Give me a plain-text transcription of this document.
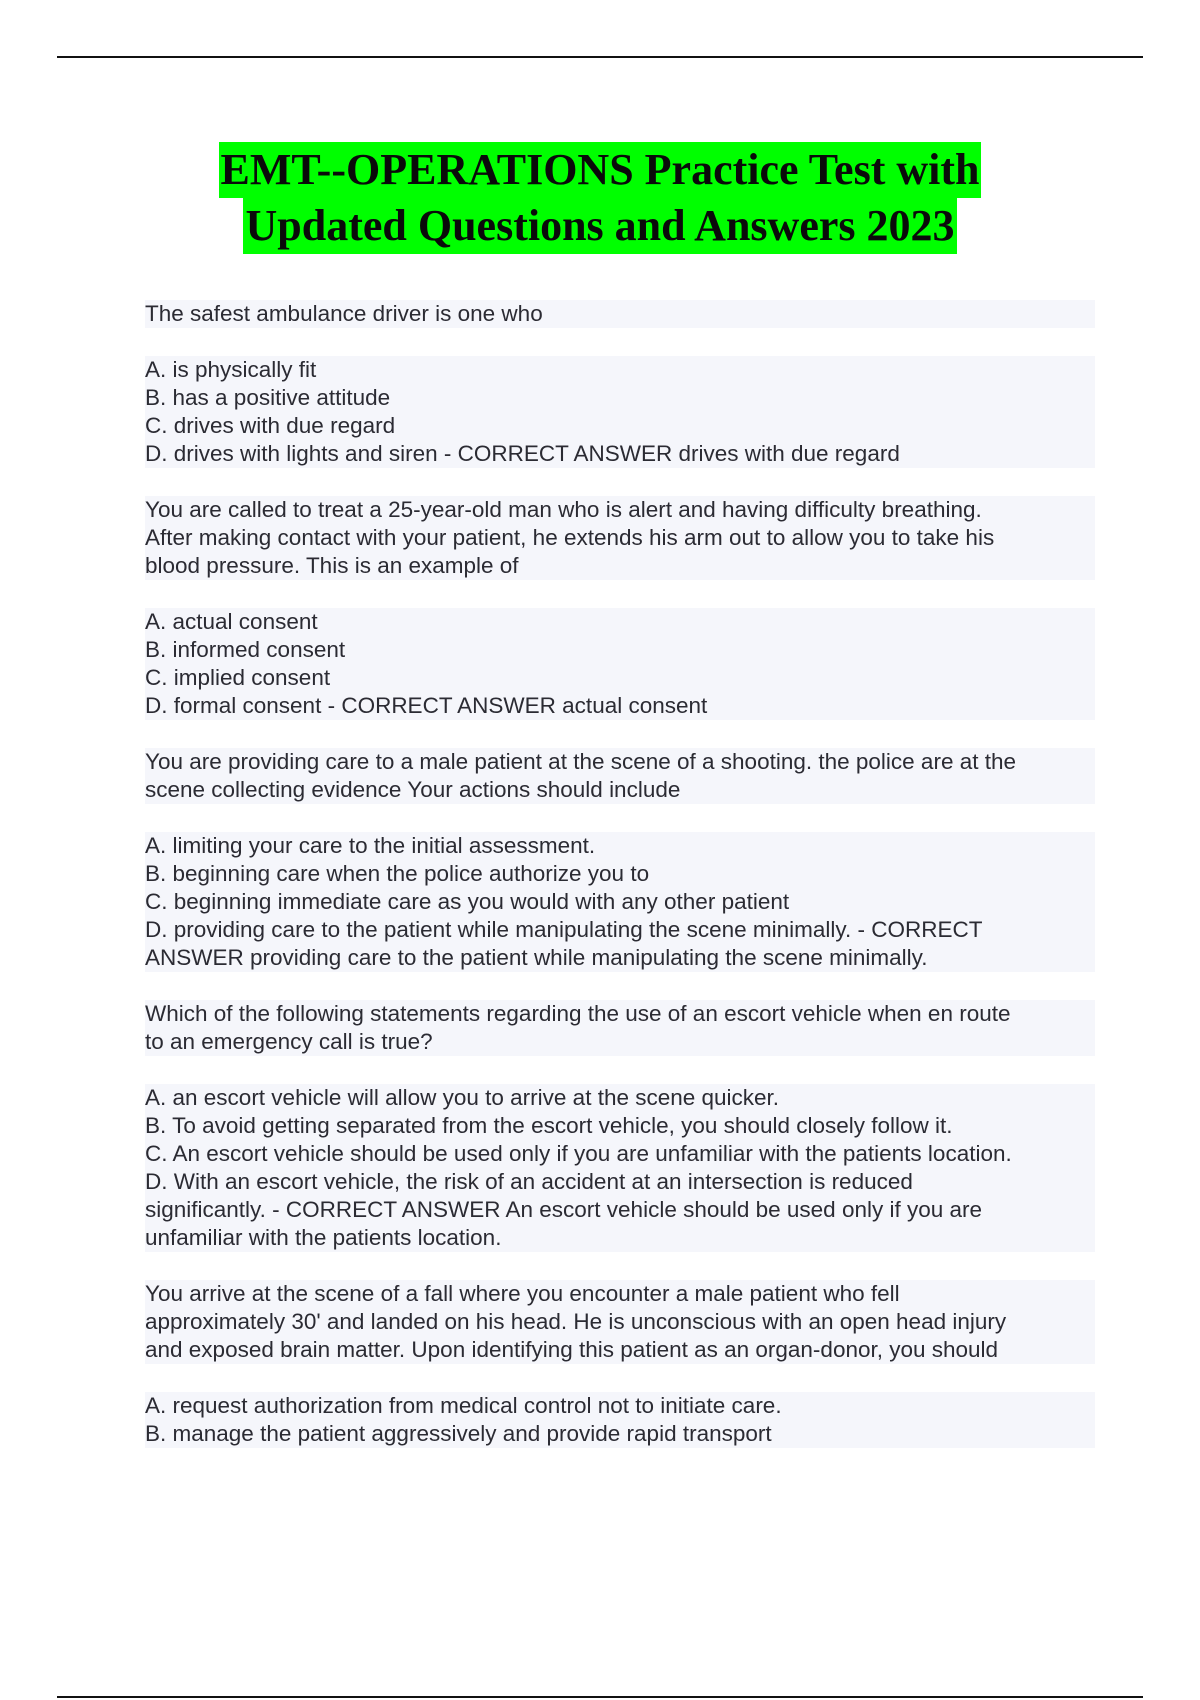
EMT--OPERATIONS Practice Test with
Updated Questions and Answers 2023
The safest ambulance driver is one who
A. is physically fit
B. has a positive attitude
C. drives with due regard
D. drives with lights and siren - CORRECT ANSWER drives with due regard
You are called to treat a 25-year-old man who is alert and having difficulty breathing.
After making contact with your patient, he extends his arm out to allow you to take his
blood pressure. This is an example of
A. actual consent
B. informed consent
C. implied consent
D. formal consent - CORRECT ANSWER actual consent
You are providing care to a male patient at the scene of a shooting. the police are at the
scene collecting evidence Your actions should include
A. limiting your care to the initial assessment.
B. beginning care when the police authorize you to
C. beginning immediate care as you would with any other patient
D. providing care to the patient while manipulating the scene minimally. - CORRECT
ANSWER providing care to the patient while manipulating the scene minimally.
Which of the following statements regarding the use of an escort vehicle when en route
to an emergency call is true?
A. an escort vehicle will allow you to arrive at the scene quicker.
B. To avoid getting separated from the escort vehicle, you should closely follow it.
C. An escort vehicle should be used only if you are unfamiliar with the patients location.
D. With an escort vehicle, the risk of an accident at an intersection is reduced
significantly. - CORRECT ANSWER An escort vehicle should be used only if you are
unfamiliar with the patients location.
You arrive at the scene of a fall where you encounter a male patient who fell
approximately 30' and landed on his head. He is unconscious with an open head injury
and exposed brain matter. Upon identifying this patient as an organ-donor, you should
A. request authorization from medical control not to initiate care.
B. manage the patient aggressively and provide rapid transport
